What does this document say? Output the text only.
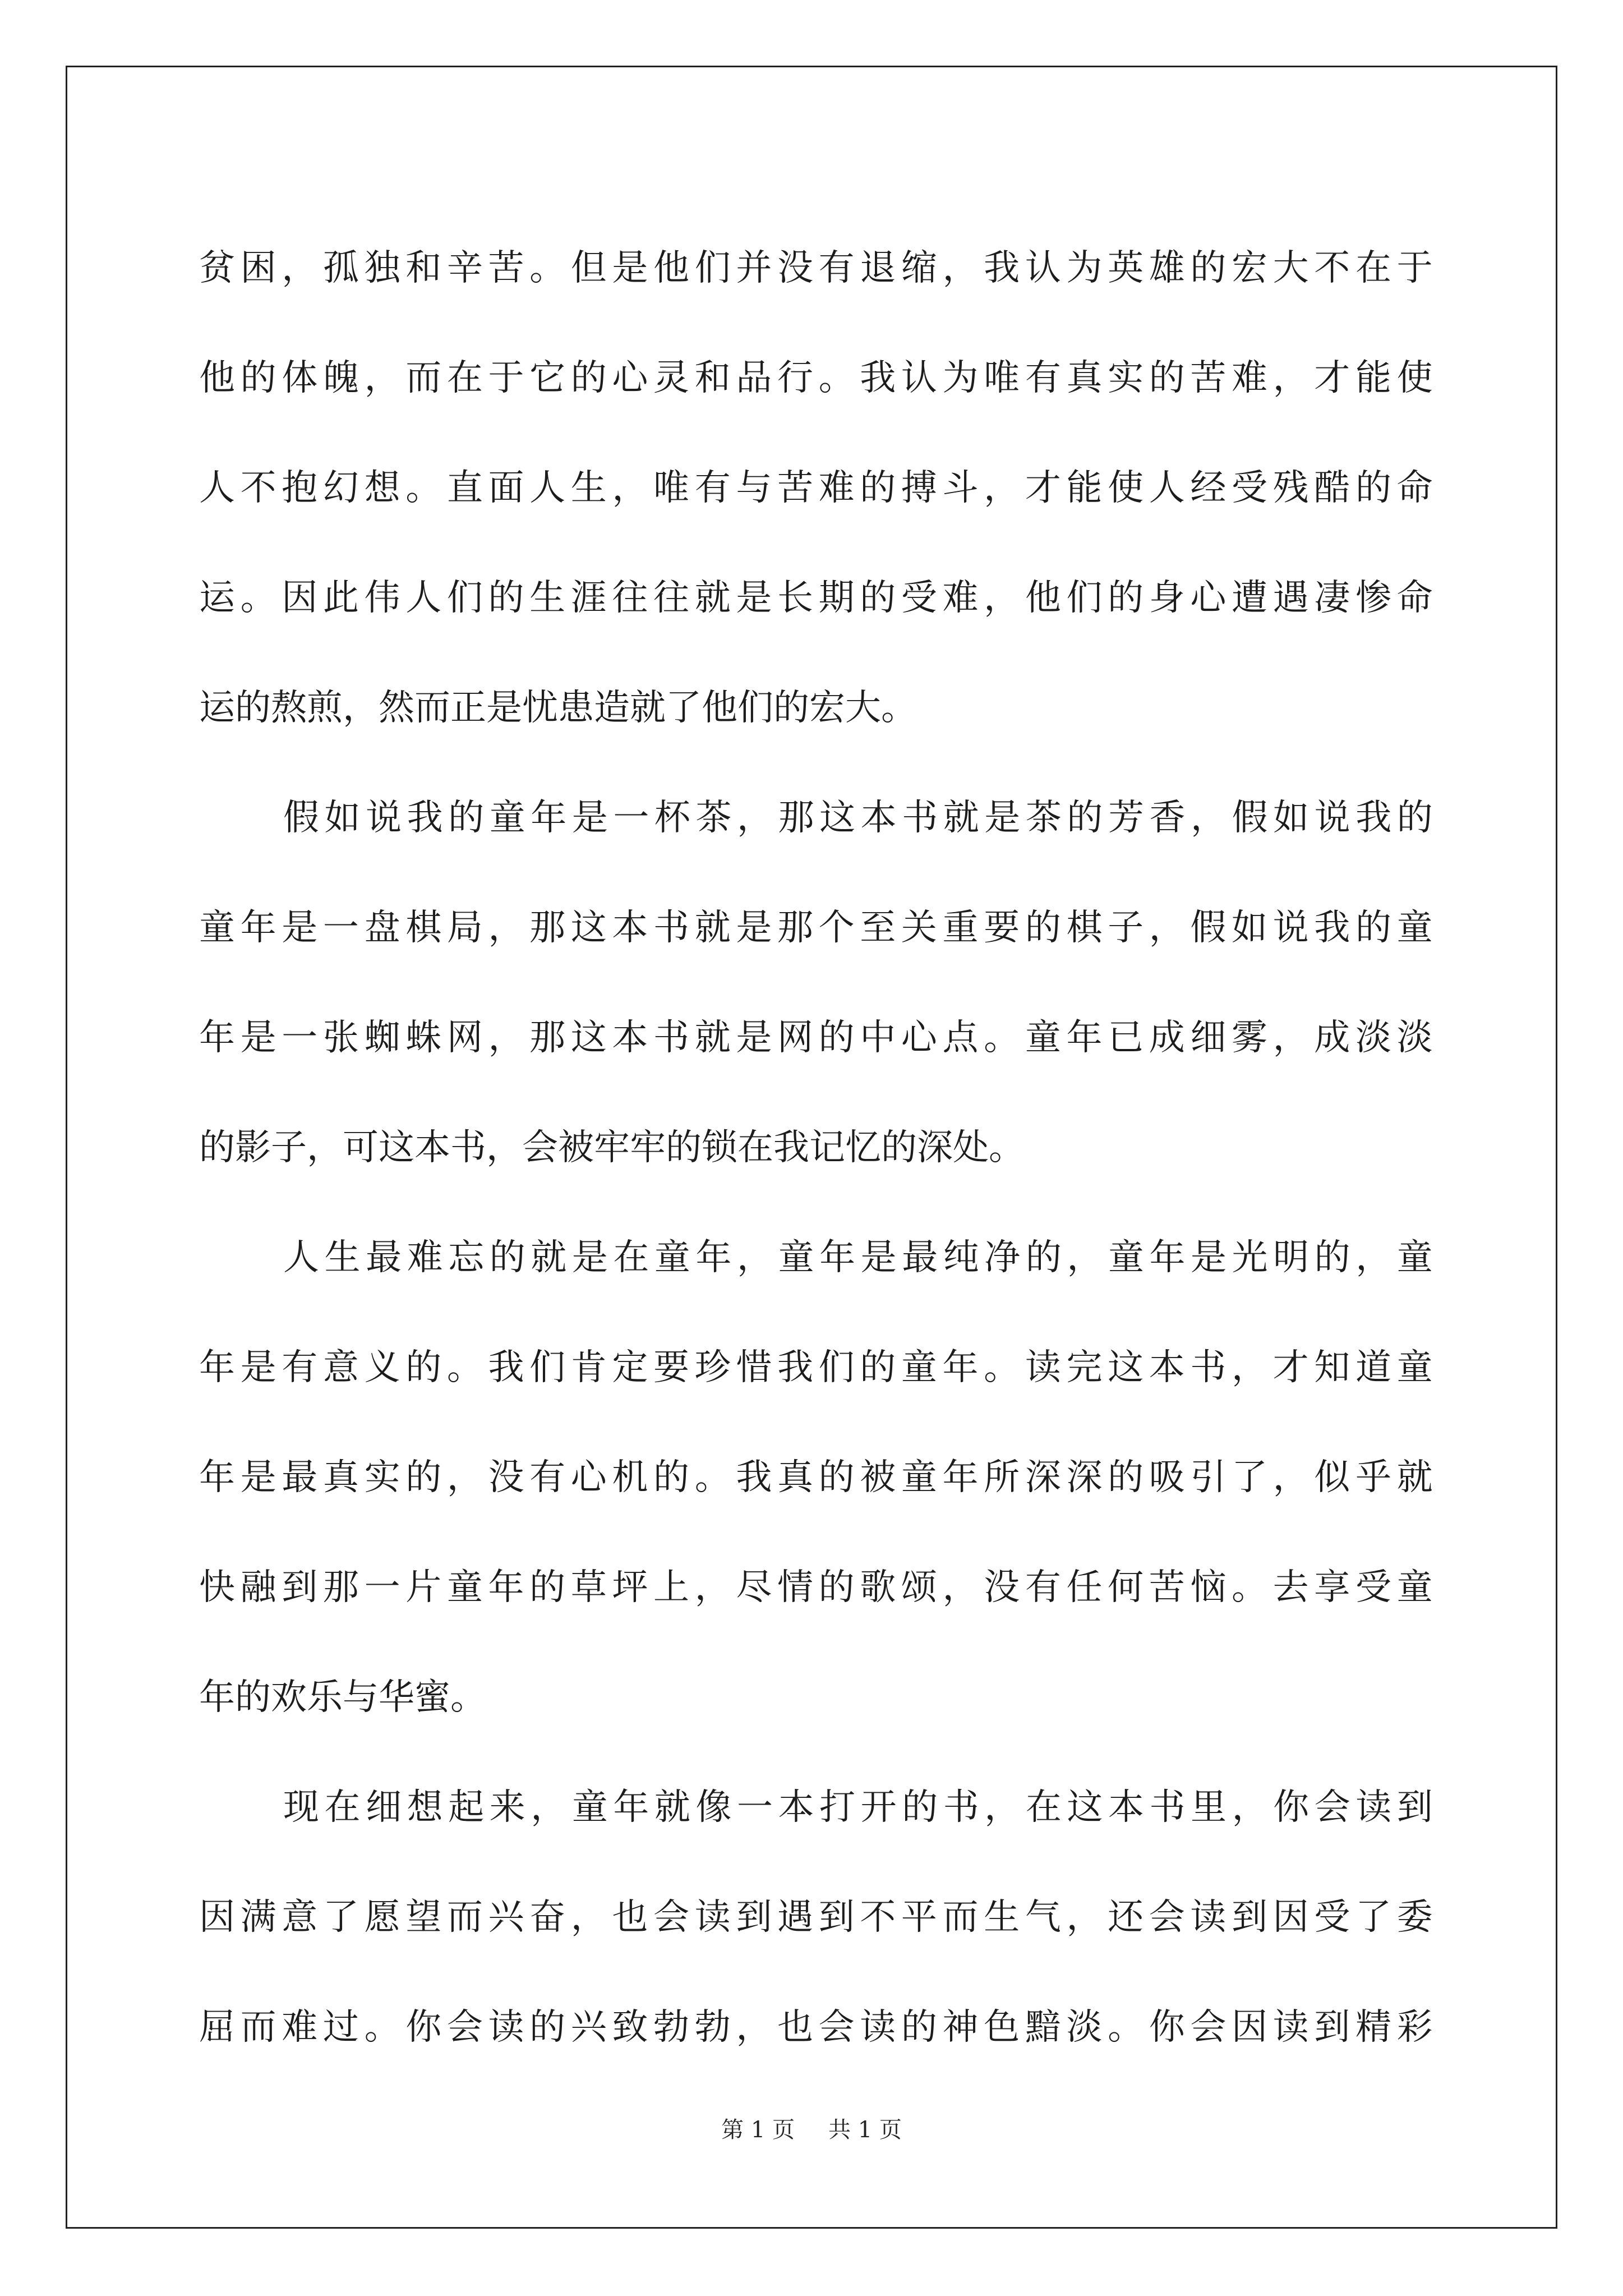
贫 困 ， 孤 独 和 辛 苦 。 但 是 他 们 并 没 有 退 缩 ， 我 认 为 英 雄 的 宏 大 不 在 于
他 的 体 魄 ， 而 在 于 它 的 心 灵 和 品 行 。 我 认 为 唯 有 真 实 的 苦 难 ， 才 能 使
人 不 抱 幻 想 。 直 面 人 生 ， 唯 有 与 苦 难 的 搏 斗 ， 才 能 使 人 经 受 残 酷 的 命
运 。 因 此 伟 人 们 的 生 涯 往 往 就 是 长 期 的 受 难 ， 他 们 的 身 心 遭 遇 凄 惨 命
运的熬煎，然而正是忧患造就了他们的宏大。
假 如 说 我 的 童 年 是 一 杯 茶 ， 那 这 本 书 就 是 茶 的 芳 香 ， 假 如 说 我 的
童 年 是 一 盘 棋 局 ， 那 这 本 书 就 是 那 个 至 关 重 要 的 棋 子 ， 假 如 说 我 的 童
年 是 一 张 蜘 蛛 网 ， 那 这 本 书 就 是 网 的 中 心 点 。 童 年 已 成 细 雾 ， 成 淡 淡
的影子，可这本书，会被牢牢的锁在我记忆的深处。
人 生 最 难 忘 的 就 是 在 童 年 ， 童 年 是 最 纯 净 的 ， 童 年 是 光 明 的 ， 童
年 是 有 意 义 的 。 我 们 肯 定 要 珍 惜 我 们 的 童 年 。 读 完 这 本 书 ， 才 知 道 童
年 是 最 真 实 的 ， 没 有 心 机 的 。 我 真 的 被 童 年 所 深 深 的 吸 引 了 ， 似 乎 就
快 融 到 那 一 片 童 年 的 草 坪 上 ， 尽 情 的 歌 颂 ， 没 有 任 何 苦 恼 。 去 享 受 童
年的欢乐与华蜜。
现 在 细 想 起 来 ， 童 年 就 像 一 本 打 开 的 书 ， 在 这 本 书 里 ， 你 会 读 到
因 满 意 了 愿 望 而 兴 奋 ， 也 会 读 到 遇 到 不 平 而 生 气 ， 还 会 读 到 因 受 了 委
屈 而 难 过 。 你 会 读 的 兴 致 勃 勃 ， 也 会 读 的 神 色 黯 淡 。 你 会 因 读 到 精 彩
第 1 页 共 1 页
